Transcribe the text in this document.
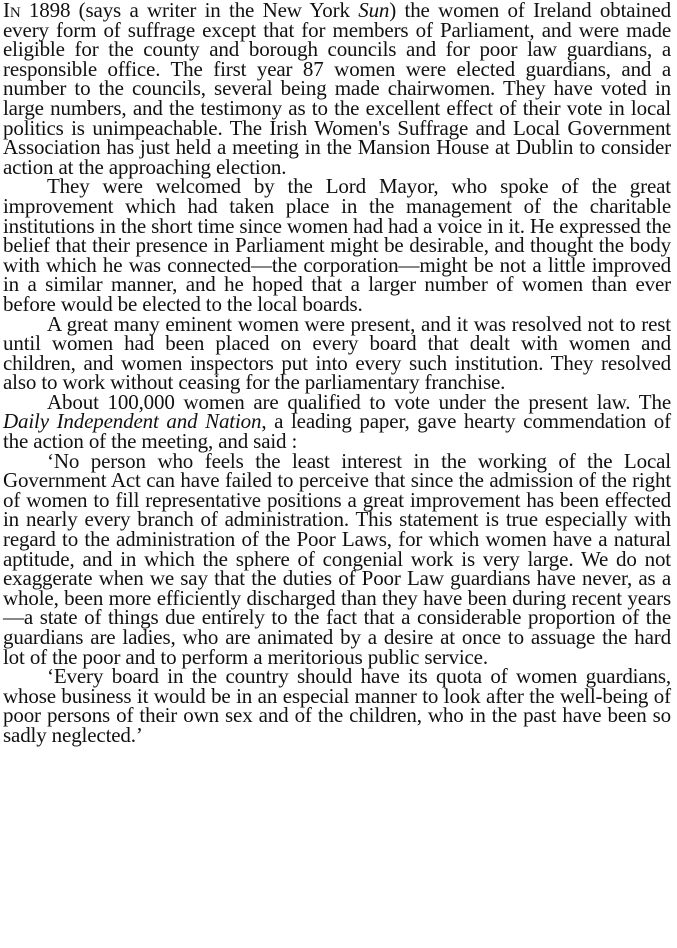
In 1898 (says a writer in the New York Sun) the women of Ireland obtained every form of suffrage except that for members of Parliament, and were made eligible for the county and borough councils and for poor law guardians, a responsible office. The first year 87 women were elected guardians, and a number to the councils, several being made chairwomen. They have voted in large numbers, and the testimony as to the excellent effect of their vote in local politics is unimpeachable. The Irish Women's Suffrage and Local Government Association has just held a meeting in the Mansion House at Dublin to consider action at the approaching election.

They were welcomed by the Lord Mayor, who spoke of the great improvement which had taken place in the management of the charitable institutions in the short time since women had had a voice in it. He expressed the belief that their presence in Parliament might be desirable, and thought the body with which he was connected—the corporation—might be not a little improved in a similar manner, and he hoped that a larger number of women than ever before would be elected to the local boards.

A great many eminent women were present, and it was resolved not to rest until women had been placed on every board that dealt with women and children, and women inspectors put into every such institution. They resolved also to work without ceasing for the parliamentary franchise.

About 100,000 women are qualified to vote under the present law. The Daily Independent and Nation, a leading paper, gave hearty commendation of the action of the meeting, and said :

‘No person who feels the least interest in the working of the Local Government Act can have failed to perceive that since the admission of the right of women to fill representative positions a great improvement has been effected in nearly every branch of administration. This statement is true especially with regard to the administration of the Poor Laws, for which women have a natural aptitude, and in which the sphere of congenial work is very large. We do not exaggerate when we say that the duties of Poor Law guardians have never, as a whole, been more efficiently discharged than they have been during recent years—a state of things due entirely to the fact that a considerable proportion of the guardians are ladies, who are animated by a desire at once to assuage the hard lot of the poor and to perform a meritorious public service.

‘Every board in the country should have its quota of women guardians, whose business it would be in an especial manner to look after the well-being of poor persons of their own sex and of the children, who in the past have been so sadly neglected.’
